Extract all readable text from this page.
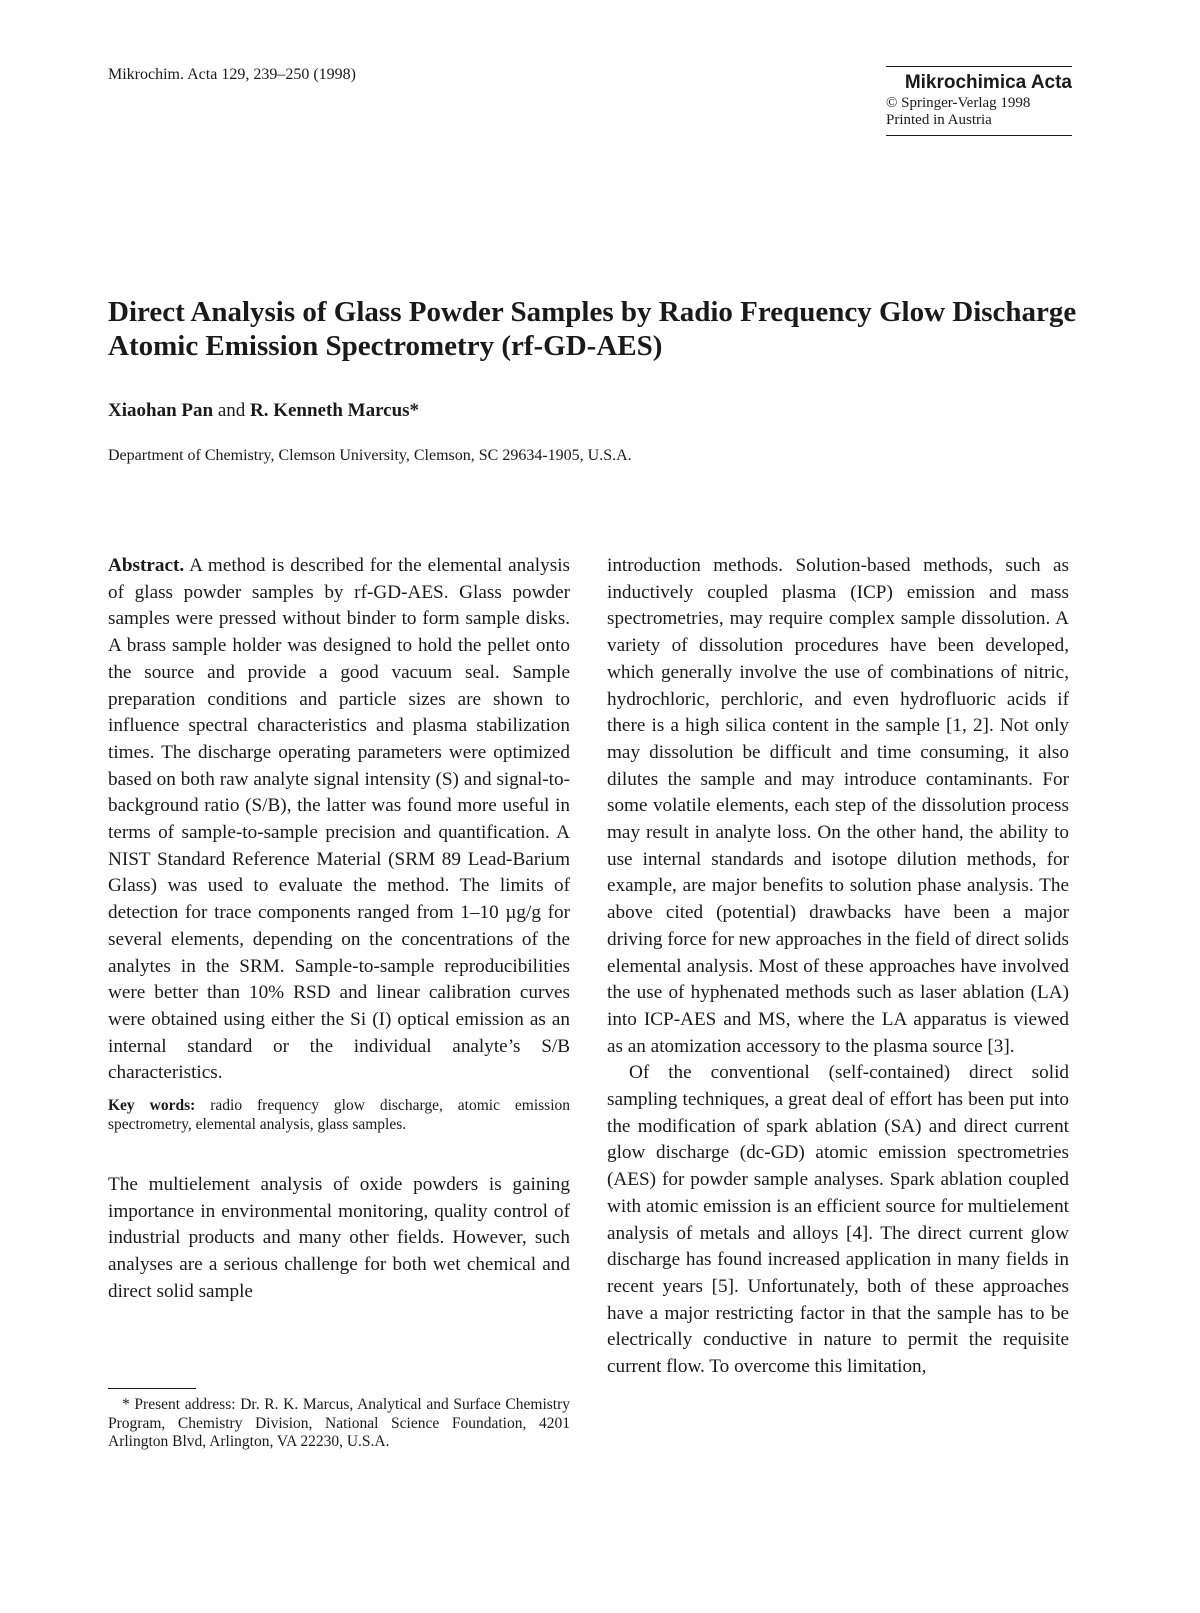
Mikrochim. Acta 129, 239–250 (1998)	Mikrochimica Acta
© Springer-Verlag 1998
Printed in Austria
Direct Analysis of Glass Powder Samples by Radio Frequency Glow Discharge Atomic Emission Spectrometry (rf-GD-AES)
Xiaohan Pan and R. Kenneth Marcus*
Department of Chemistry, Clemson University, Clemson, SC 29634-1905, U.S.A.

Abstract. A method is described for the elemental analysis of glass powder samples by rf-GD-AES. Glass powder samples were pressed without binder to form sample disks. A brass sample holder was designed to hold the pellet onto the source and provide a good vacuum seal. Sample preparation conditions and particle sizes are shown to influence spectral characteristics and plasma stabilization times. The discharge operating parameters were optimized based on both raw analyte signal intensity (S) and signal-to-background ratio (S/B), the latter was found more useful in terms of sample-to-sample precision and quantification. A NIST Standard Reference Material (SRM 89 Lead-Barium Glass) was used to evaluate the method. The limits of detection for trace components ranged from 1–10 µg/g for several elements, depending on the concentrations of the analytes in the SRM. Sample-to-sample reproducibilities were better than 10% RSD and linear calibration curves were obtained using either the Si (I) optical emission as an internal standard or the individual analyte’s S/B characteristics.

Key words: radio frequency glow discharge, atomic emission spectrometry, elemental analysis, glass samples.

The multielement analysis of oxide powders is gaining importance in environmental monitoring, quality control of industrial products and many other fields. However, such analyses are a serious challenge for both wet chemical and direct solid sample

introduction methods. Solution-based methods, such as inductively coupled plasma (ICP) emission and mass spectrometries, may require complex sample dissolution. A variety of dissolution procedures have been developed, which generally involve the use of combinations of nitric, hydrochloric, perchloric, and even hydrofluoric acids if there is a high silica content in the sample [1, 2]. Not only may dissolution be difficult and time consuming, it also dilutes the sample and may introduce contaminants. For some volatile elements, each step of the dissolution process may result in analyte loss. On the other hand, the ability to use internal standards and isotope dilution methods, for example, are major benefits to solution phase analysis. The above cited (potential) drawbacks have been a major driving force for new approaches in the field of direct solids elemental analysis. Most of these approaches have involved the use of hyphenated methods such as laser ablation (LA) into ICP-AES and MS, where the LA apparatus is viewed as an atomization accessory to the plasma source [3].

Of the conventional (self-contained) direct solid sampling techniques, a great deal of effort has been put into the modification of spark ablation (SA) and direct current glow discharge (dc-GD) atomic emission spectrometries (AES) for powder sample analyses. Spark ablation coupled with atomic emission is an efficient source for multielement analysis of metals and alloys [4]. The direct current glow discharge has found increased application in many fields in recent years [5]. Unfortunately, both of these approaches have a major restricting factor in that the sample has to be electrically conductive in nature to permit the requisite current flow. To overcome this limitation,

* Present address: Dr. R. K. Marcus, Analytical and Surface Chemistry Program, Chemistry Division, National Science Foundation, 4201 Arlington Blvd, Arlington, VA 22230, U.S.A.
